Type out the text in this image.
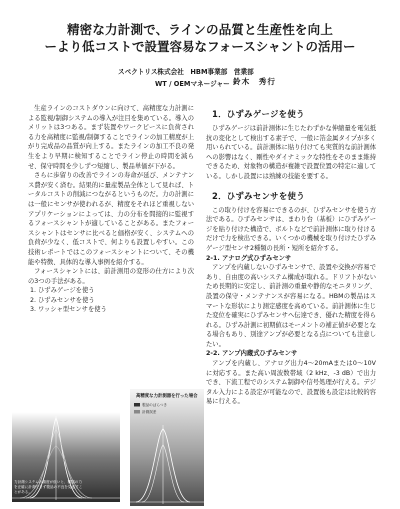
精密な力計測で、ラインの品質と生産性を向上
ーより低コストで設置容易なフォースシャントの活用ー
スペクトリス株式会社　HBM事業部　営業部
WT / OEMマネージャー 鈴木　秀行

生産ラインのコストダウンに向けて、高精度な力計測による監視/制御システムの導入が注目を集めている。導入のメリットは3つある。まず装置やワークピースに負荷される力を高精度に監視/制御することでラインの加工精度が上がり完成品の品質が向上する。またラインの加工不良の発生をより早期に検知することでライン停止の時間を減らせ、保守時間を少しずつ短縮し、製品単価が下がる。

さらに歩留りの改善でラインの寿命が延び、メンテナンス費が安く済む。結果的に量産製品全体として見れば、トータルコストの削減につながるというものだ。力の計測には一般にセンサが使われるが、精度をそれほど重視しないアプリケーションによっては、力の分布を間接的に監視するフォースシャントが適していることがある。またフォースシャントはセンサに比べると価格が安く、システムへの負荷が少なく、低コストで、何よりも設置しやすい。この技術レポートではこのフォースシャントについて、その機能や特徴、具体的な導入事例を紹介する。

フォースシャントには、前計測用の変形の仕方により次の3つの手法がある。

1. ひずみゲージを使う

2. ひずみセンサを使う

3. ワッシャ型センサを使う

力計測システムの精度が低いと、機器の力を正確に計測できず製品の不良を見逃すことがある。
高精度な力計測器を行った場合
製品のばらつき
計測誤差

1．ひずみゲージを使う

ひずみゲージは前計測体に生じたわずかな伸縮量を電気抵抗の変化として検出する素子で、一般に箔金属タイプが多く用いられている。前計測体に貼り付けても実質的な前計測体への影響はなく、剛性やダイナミックな特性をそのまま維持できるため、対象物の構造が複雑で設置位置の特定に適している。しかし設置には熟練の技能を要する。

2．ひずみセンサを使う

この取り付けを容易にできるのが、ひずみセンサを使う方法である。ひずみセンサは、まわり台（基板）にひずみゲージを貼り付けた構造で、ボルトなどで前計測体に取り付けるだけで力を検出できる。いくつかの機械を取り付けたひずみゲージ型センサ2種類の長所・短所を紹介する。

2-1. アナログ式ひずみセンサ

アンプを内蔵しないひずみセンサで、設置や交換が容易であり、自由度の高いシステム構成が取れる。ドリフトがないため長期的に安定し、前計測の重量や静的なモニタリング、設置の保守・メンテナンスが容易になる。HBMの製品はスマートな形状により測定感度を高めている。前計測体に生じた変位を確実にひずみセンサへ伝達でき、優れた精度を得られる。ひずみ計測に初期値はモーメントの補正値が必要となる場合もあり、別途アンプが必要となる点についても注意したい。

2-2. アンプ内蔵式ひずみセンサ

アンプを内蔵し、アナログ出力4～20mAまたは0～10Vに対応する。また高い周波数帯域（2 kHz、-3 dB）で出力でき、下流工程でのシステム制御や信号処理が行える。デジタル入力による設定が可能なので、設置後も設定は比較的容易に行える。
